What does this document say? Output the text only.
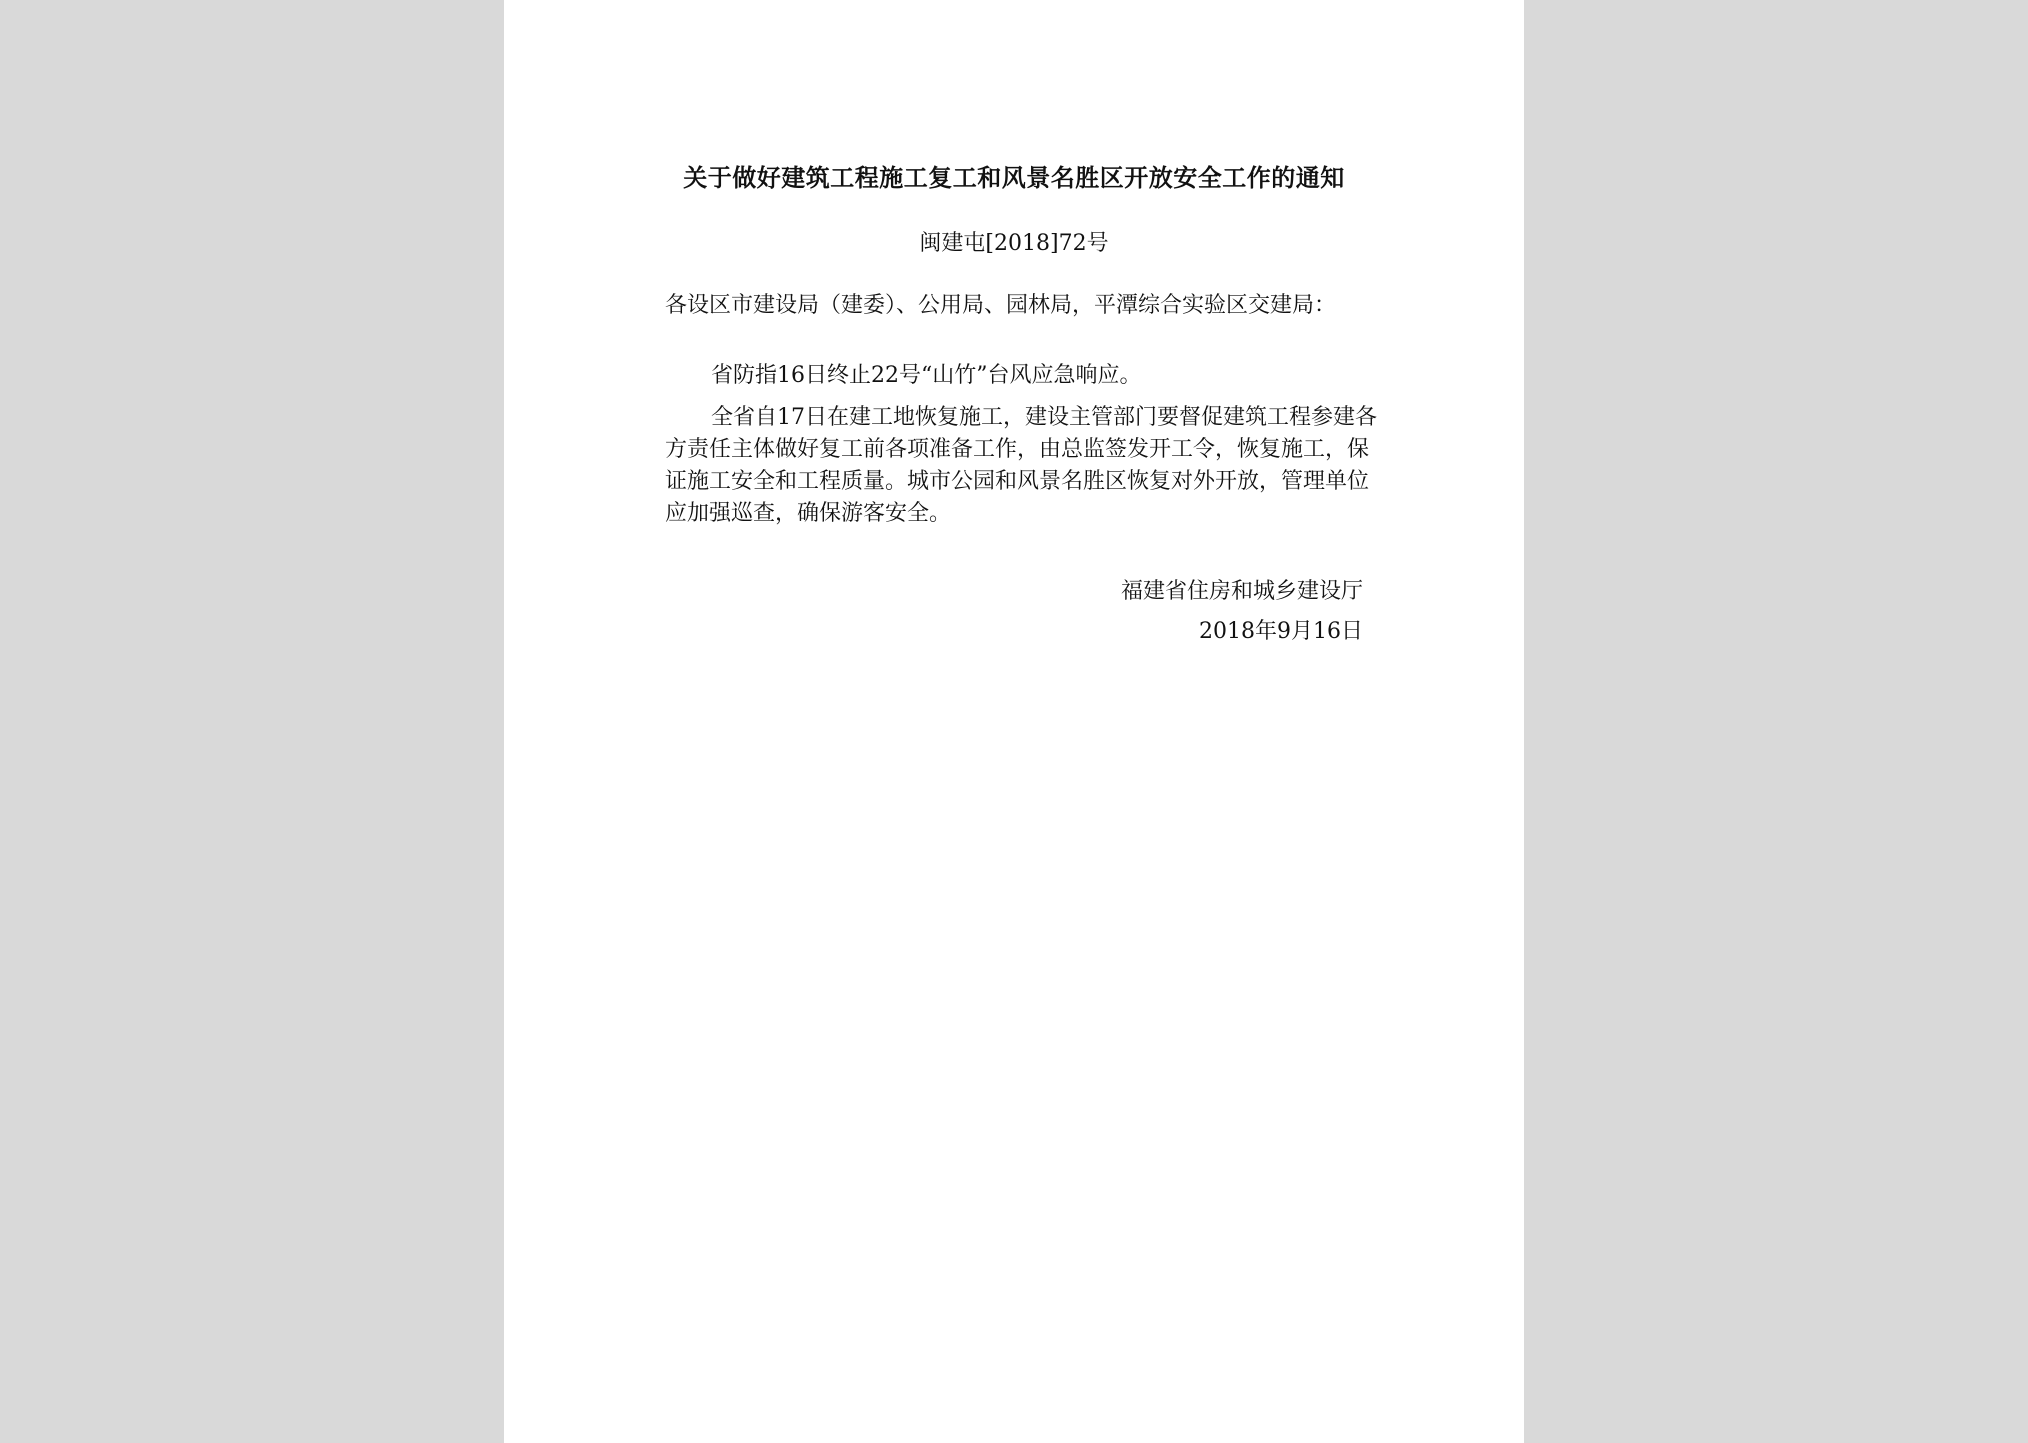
关于做好建筑工程施工复工和风景名胜区开放安全工作的通知
闽建屯[2018]72号
各设区市建设局（建委）、公用局、园林局，平潭综合实验区交建局：
省防指16日终止22号“山竹”台风应急响应。
全省自17日在建工地恢复施工，建设主管部门要督促建筑工程参建各方责任主体做好复工前各项准备工作，由总监签发开工令，恢复施工，保证施工安全和工程质量。城市公园和风景名胜区恢复对外开放，管理单位应加强巡查，确保游客安全。
福建省住房和城乡建设厅
2018年9月16日
